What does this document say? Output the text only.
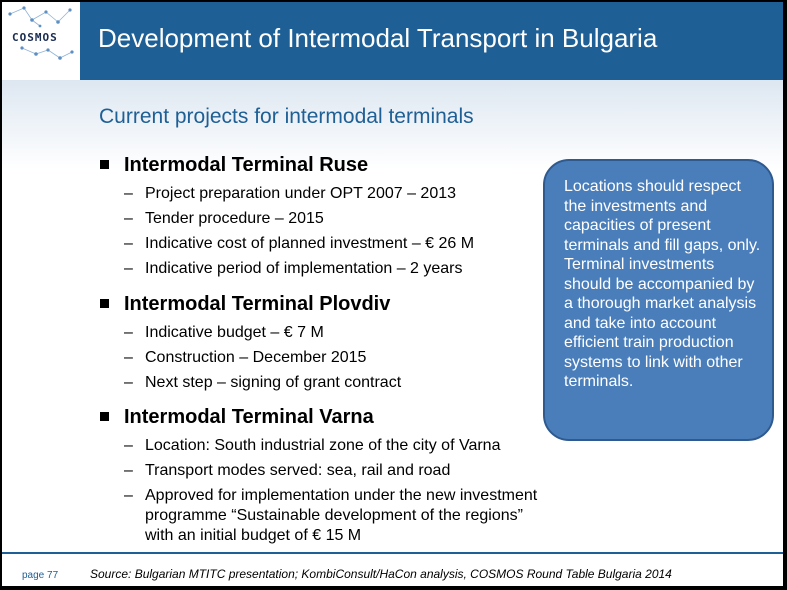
COSMOS Development of Intermodal Transport in Bulgaria
Current projects for intermodal terminals
Intermodal Terminal Ruse
– Project preparation under OPT 2007 – 2013
– Tender procedure – 2015
– Indicative cost of planned investment – € 26 M
– Indicative period of implementation – 2 years
Intermodal Terminal Plovdiv
– Indicative budget – € 7 M
– Construction – December 2015
– Next step – signing of grant contract
Intermodal Terminal Varna
– Location: South industrial zone of the city of Varna
– Transport modes served: sea, rail and road
– Approved for implementation under the new investment programme “Sustainable development of the regions” with an initial budget of € 15 M
Locations should respect the investments and capacities of present terminals and fill gaps, only. Terminal investments should be accompanied by a thorough market analysis and take into account efficient train production systems to link with other terminals.
page 77	Source: Bulgarian MTITC presentation; KombiConsult/HaCon analysis, COSMOS Round Table Bulgaria 2014
